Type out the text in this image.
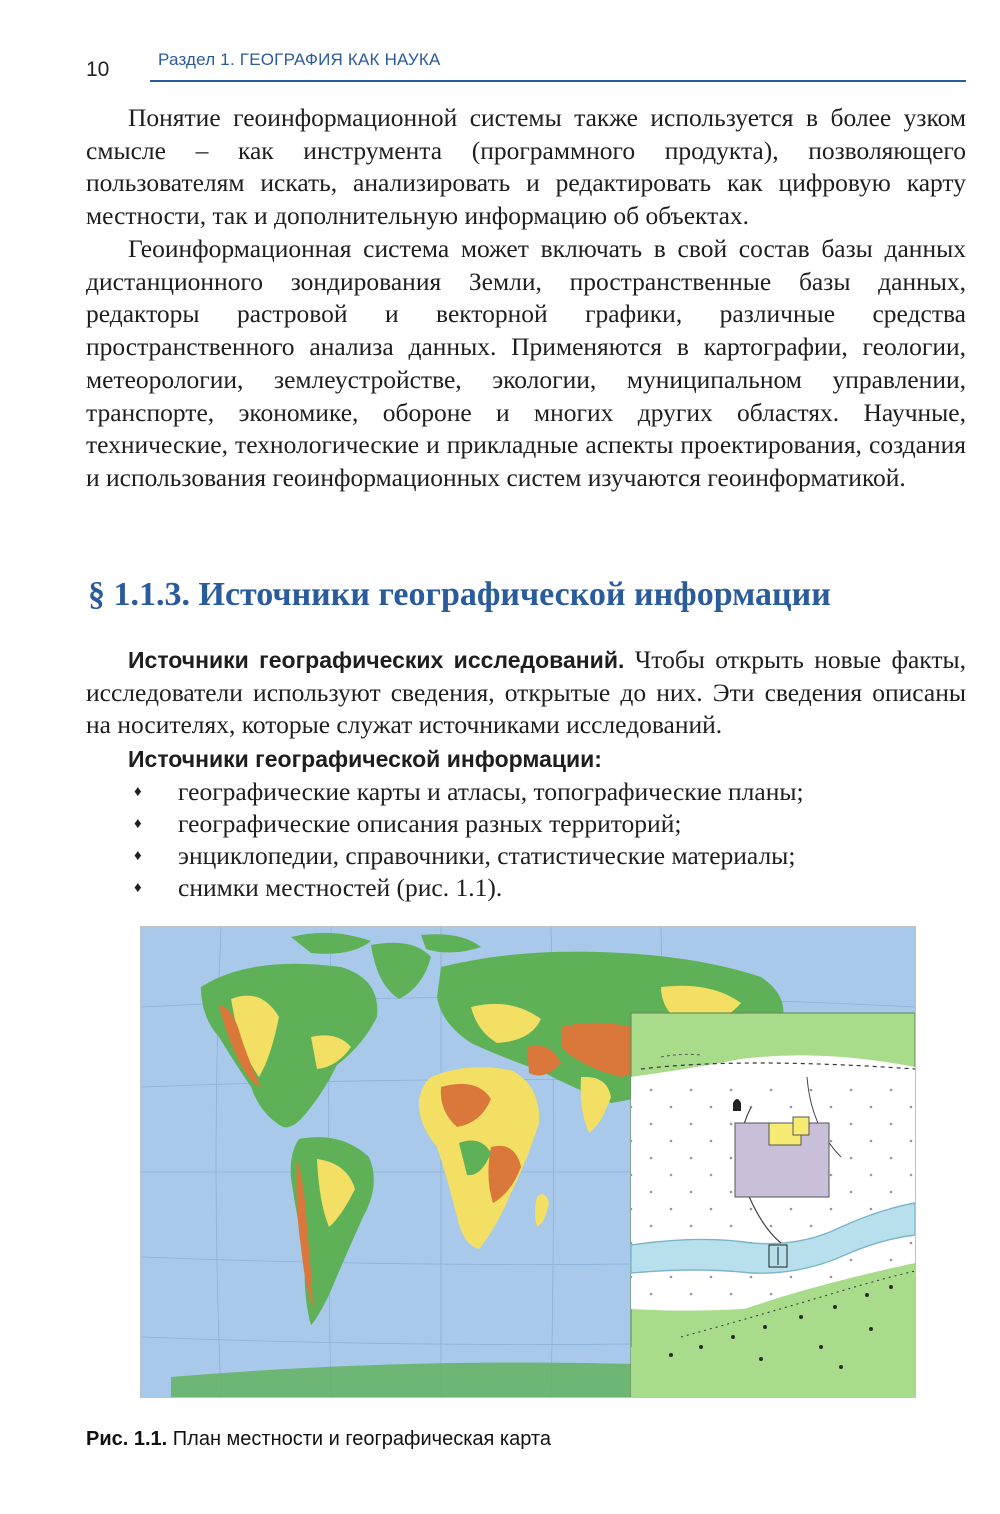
10	Раздел 1. ГЕОГРАФИЯ КАК НАУКА

Понятие геоинформационной системы также используется в более узком смысле – как инструмента (программного продукта), позволяющего пользователям искать, анализировать и редактировать как цифровую карту местности, так и дополнительную информацию об объектах.

Геоинформационная система может включать в свой состав базы данных дистанционного зондирования Земли, пространственные базы данных, редакторы растровой и векторной графики, различные средства пространственного анализа данных. Применяются в картографии, геологии, метеорологии, землеустройстве, экологии, муниципальном управлении, транспорте, экономике, обороне и многих других областях. Научные, технические, технологические и прикладные аспекты проектирования, создания и использования геоинформационных систем изучаются геоинформатикой.

§ 1.1.3. Источники географической информации

Источники географических исследований. Чтобы открыть новые факты, исследователи используют сведения, открытые до них. Эти сведения описаны на носителях, которые служат источниками исследований.

Источники географической информации:

♦ географические карты и атласы, топографические планы;
♦ географические описания разных территорий;
♦ энциклопедии, справочники, статистические материалы;
♦ снимки местностей (рис. 1.1).

Рис. 1.1. План местности и географическая карта
